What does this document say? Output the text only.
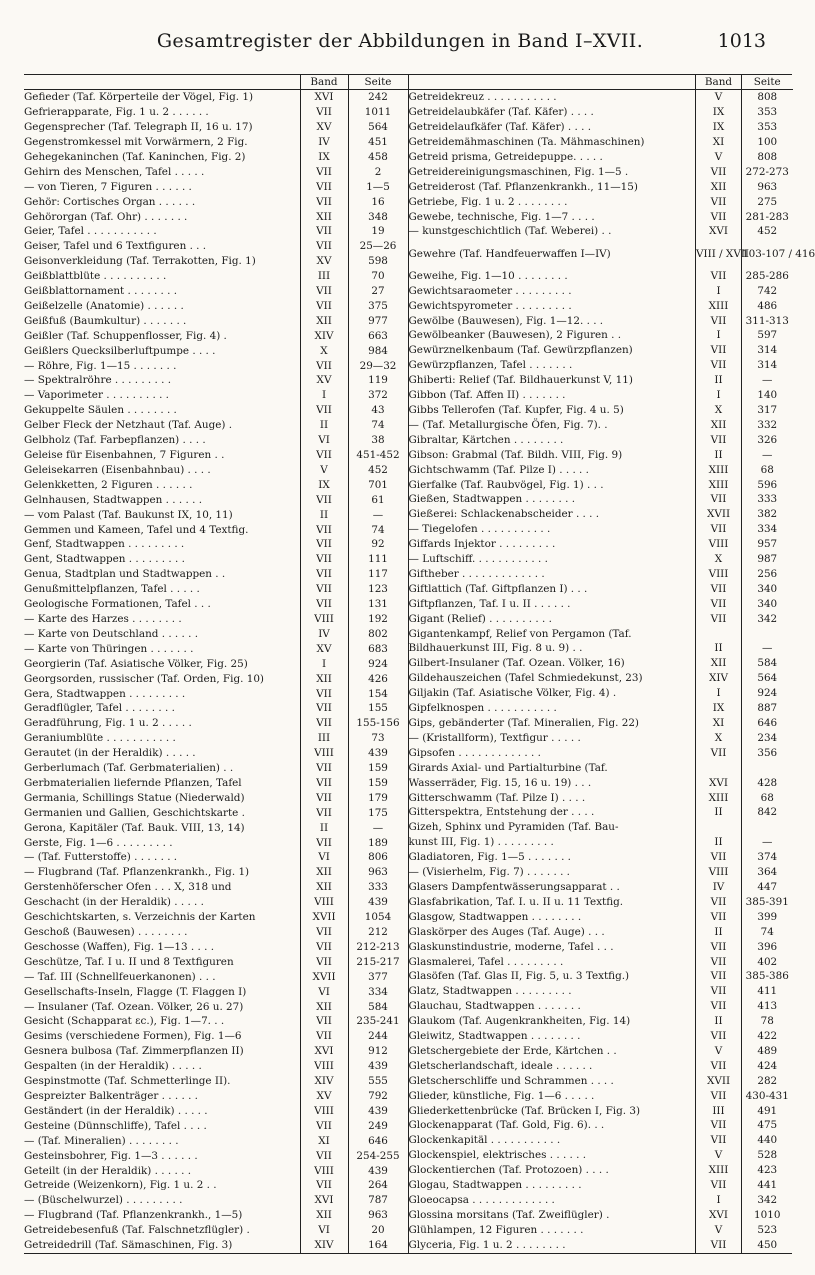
Gesamtregister der Abbildungen in Band I–XVII.	1013
	Band	Seite
Gefieder (Taf. Körperteile der Vögel, Fig. 1)	XVI	242
Gefrierapparate, Fig. 1 u. 2 . . . . . .	VII	1011
Gegensprecher (Taf. Telegraph II, 16 u. 17)	XV	564
Gegenstromkessel mit Vorwärmern, 2 Fig.	IV	451
Gehegekaninchen (Taf. Kaninchen, Fig. 2)	IX	458
Gehirn des Menschen, Tafel . . . . .	VII	2
— von Tieren, 7 Figuren . . . . . .	VII	1—5
Gehör: Cortisches Organ . . . . . .	VII	16
Gehörorgan (Taf. Ohr) . . . . . . .	XII	348
Geier, Tafel . . . . . . . . . . .	VII	19
Geiser, Tafel und 6 Textfiguren . . .	VII	25—26
Geisonverkleidung (Taf. Terrakotten, Fig. 1)	XV	598
Geißblattblüte . . . . . . . . . .	III	70
Geißblattornament . . . . . . . .	VII	27
Geißelzelle (Anatomie) . . . . . .	VII	375
Geißfuß (Baumkultur) . . . . . . .	XII	977
Geißler (Taf. Schuppenflosser, Fig. 4) .	XIV	663
Geißlers Quecksilberluftpumpe . . . .	X	984
— Röhre, Fig. 1—15 . . . . . . .	VII	29—32
— Spektralröhre . . . . . . . . .	XV	119
— Vaporimeter . . . . . . . . . .	I	372
Gekuppelte Säulen . . . . . . . .	VII	43
Gelber Fleck der Netzhaut (Taf. Auge) .	II	74
Gelbholz (Taf. Farbepflanzen) . . . .	VI	38
Geleise für Eisenbahnen, 7 Figuren . .	VII	451-452
Geleisekarren (Eisenbahnbau) . . . .	V	452
Gelenkketten, 2 Figuren . . . . . .	IX	701
Gelnhausen, Stadtwappen . . . . . .	VII	61
— vom Palast (Taf. Baukunst IX, 10, 11)	II	—
Gemmen und Kameen, Tafel und 4 Textfig.	VII	74
Genf, Stadtwappen . . . . . . . . .	VII	92
Gent, Stadtwappen . . . . . . . . .	VII	111
Genua, Stadtplan und Stadtwappen . .	VII	117
Genußmittelpflanzen, Tafel . . . . .	VII	123
Geologische Formationen, Tafel . . .	VII	131
— Karte des Harzes . . . . . . . .	VIII	192
— Karte von Deutschland . . . . . .	IV	802
— Karte von Thüringen . . . . . . .	XV	683
Georgierin (Taf. Asiatische Völker, Fig. 25)	I	924
Georgsorden, russischer (Taf. Orden, Fig. 10)	XII	426
Gera, Stadtwappen . . . . . . . . .	VII	154
Geradflügler, Tafel . . . . . . . .	VII	155
Geradführung, Fig. 1 u. 2 . . . . .	VII	155-156
Geraniumblüte . . . . . . . . . . .	III	73
Gerautet (in der Heraldik) . . . . .	VIII	439
Gerberlumach (Taf. Gerbmaterialien) . .	VII	159
Gerbmaterialien liefernde Pflanzen, Tafel	VII	159
Germania, Schillings Statue (Niederwald)	VII	179
Germanien und Gallien, Geschichtskarte .	VII	175
Gerona, Kapitäler (Taf. Bauk. VIII, 13, 14)	II	—
Gerste, Fig. 1—6 . . . . . . . . .	VII	189
— (Taf. Futterstoffe) . . . . . . .	VI	806
— Flugbrand (Taf. Pflanzenkrankh., Fig. 1)	XII	963
Gerstenhöferscher Ofen . . . X, 318 und	XII	333
Geschacht (in der Heraldik) . . . . .	VIII	439
Geschichtskarten, s. Verzeichnis der Karten	XVII	1054
Geschoß (Bauwesen) . . . . . . . .	VII	212
Geschosse (Waffen), Fig. 1—13 . . . .	VII	212-213
Geschütze, Taf. I u. II und 8 Textfiguren	VII	215-217
— Taf. III (Schnellfeuerkanonen) . . .	XVII	377
Gesellschafts-Inseln, Flagge (T. Flaggen I)	VI	334
— Insulaner (Taf. Ozean. Völker, 26 u. 27)	XII	584
Gesicht (Schapparat ɛc.), Fig. 1—7. . .	VII	235-241
Gesims (verschiedene Formen), Fig. 1—6	VII	244
Gesnera bulbosa (Taf. Zimmerpflanzen II)	XVI	912
Gespalten (in der Heraldik) . . . . .	VIII	439
Gespinstmotte (Taf. Schmetterlinge II).	XIV	555
Gespreizter Balkenträger . . . . . .	XV	792
Geständert (in der Heraldik) . . . . .	VIII	439
Gesteine (Dünnschliffe), Tafel . . . .	VII	249
— (Taf. Mineralien) . . . . . . . .	XI	646
Gesteinsbohrer, Fig. 1—3 . . . . . .	VII	254-255
Geteilt (in der Heraldik) . . . . . .	VIII	439
Getreide (Weizenkorn), Fig. 1 u. 2 . .	VII	264
— (Büschelwurzel) . . . . . . . . .	XVI	787
— Flugbrand (Taf. Pflanzenkrankh., 1—5)	XII	963
Getreidebesenfuß (Taf. Falschnetzflügler) .	VI	20
Getreidedrill (Taf. Sämaschinen, Fig. 3)	XIV	164
	Band	Seite
Getreidekreuz . . . . . . . . . . .	V	808
Getreidelaubkäfer (Taf. Käfer) . . . .	IX	353
Getreidelaufkäfer (Taf. Käfer) . . . .	IX	353
Getreidemähmaschinen (Ta. Mähmaschinen)	XI	100
Getreid prisma, Getreidepuppe. . . . .	V	808
Getreidereinigungsmaschinen, Fig. 1—5 .	VII	272-273
Getreiderost (Taf. Pflanzenkrankh., 11—15)	XII	963
Getriebe, Fig. 1 u. 2 . . . . . . . .	VII	275
Gewebe, technische, Fig. 1—7 . . . .	VII	281-283
— kunstgeschichtlich (Taf. Weberei) . .	XVI	452
Gewehre (Taf. Handfeuerwaffen I—IV)	VIII / XVII	103-107 / 416
Geweihe, Fig. 1—10 . . . . . . . .	VII	285-286
Gewichtsaraometer . . . . . . . . .	I	742
Gewichtspyrometer . . . . . . . . .	XIII	486
Gewölbe (Bauwesen), Fig. 1—12. . . .	VII	311-313
Gewölbeanker (Bauwesen), 2 Figuren . .	I	597
Gewürznelkenbaum (Taf. Gewürzpflanzen)	VII	314
Gewürzpflanzen, Tafel . . . . . . .	VII	314
Ghiberti: Relief (Taf. Bildhauerkunst V, 11)	II	—
Gibbon (Taf. Affen II) . . . . . . .	I	140
Gibbs Tellerofen (Taf. Kupfer, Fig. 4 u. 5)	X	317
— (Taf. Metallurgische Öfen, Fig. 7). .	XII	332
Gibraltar, Kärtchen . . . . . . . .	VII	326
Gibson: Grabmal (Taf. Bildh. VIII, Fig. 9)	II	—
Gichtschwamm (Taf. Pilze I) . . . . .	XIII	68
Gierfalke (Taf. Raubvögel, Fig. 1) . . .	XIII	596
Gießen, Stadtwappen . . . . . . . .	VII	333
Gießerei: Schlackenabscheider . . . .	XVII	382
— Tiegelofen . . . . . . . . . . .	VII	334
Giffards Injektor . . . . . . . . .	VIII	957
— Luftschiff. . . . . . . . . . . .	X	987
Giftheber . . . . . . . . . . . . .	VIII	256
Giftlattich (Taf. Giftpflanzen I) . . .	VII	340
Giftpflanzen, Taf. I u. II . . . . . .	VII	340
Gigant (Relief) . . . . . . . . . .	VII	342
Gigantenkampf, Relief von Pergamon (Taf.		
Bildhauerkunst III, Fig. 8 u. 9) . .	II	—
Gilbert-Insulaner (Taf. Ozean. Völker, 16)	XII	584
Gildehauszeichen (Tafel Schmiedekunst, 23)	XIV	564
Giljakin (Taf. Asiatische Völker, Fig. 4) .	I	924
Gipfelknospen . . . . . . . . . . .	IX	887
Gips, gebänderter (Taf. Mineralien, Fig. 22)	XI	646
— (Kristallform), Textfigur . . . . .	X	234
Gipsofen . . . . . . . . . . . . .	VII	356
Girards Axial- und Partialturbine (Taf.		
Wasserräder, Fig. 15, 16 u. 19) . . .	XVI	428
Gitterschwamm (Taf. Pilze I) . . . .	XIII	68
Gitterspektra, Entstehung der . . . .	II	842
Gizeh, Sphinx und Pyramiden (Taf. Bau-		
kunst III, Fig. 1) . . . . . . . . .	II	—
Gladiatoren, Fig. 1—5 . . . . . . .	VII	374
— (Visierhelm, Fig. 7) . . . . . . .	VIII	364
Glasers Dampfentwässerungsapparat . .	IV	447
Glasfabrikation, Taf. I. u. II u. 11 Textfig.	VII	385-391
Glasgow, Stadtwappen . . . . . . . .	VII	399
Glaskörper des Auges (Taf. Auge) . . .	II	74
Glaskunstindustrie, moderne, Tafel . . .	VII	396
Glasmalerei, Tafel . . . . . . . . .	VII	402
Glasöfen (Taf. Glas II, Fig. 5, u. 3 Textfig.)	VII	385-386
Glatz, Stadtwappen . . . . . . . . .	VII	411
Glauchau, Stadtwappen . . . . . . .	VII	413
Glaukom (Taf. Augenkrankheiten, Fig. 14)	II	78
Gleiwitz, Stadtwappen . . . . . . . .	VII	422
Gletschergebiete der Erde, Kärtchen . .	V	489
Gletscherlandschaft, ideale . . . . . .	VII	424
Gletscherschliffe und Schrammen . . . .	XVII	282
Glieder, künstliche, Fig. 1—6 . . . . .	VII	430-431
Gliederkettenbrücke (Taf. Brücken I, Fig. 3)	III	491
Glockenapparat (Taf. Gold, Fig. 6). . .	VII	475
Glockenkapitäl . . . . . . . . . . .	VII	440
Glockenspiel, elektrisches . . . . . .	V	528
Glockentierchen (Taf. Protozoen) . . . .	XIII	423
Glogau, Stadtwappen . . . . . . . . .	VII	441
Gloeocapsa . . . . . . . . . . . . .	I	342
Glossina morsitans (Taf. Zweiflügler) .	XVI	1010
Glühlampen, 12 Figuren . . . . . . .	V	523
Glyceria, Fig. 1 u. 2 . . . . . . . .	VII	450
